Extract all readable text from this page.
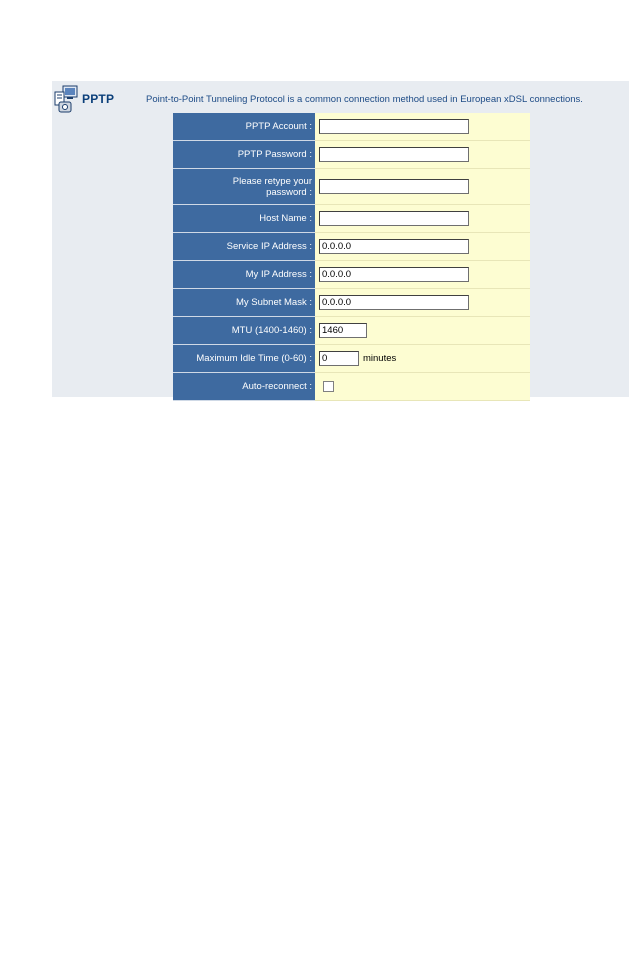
PPTP	Point-to-Point Tunneling Protocol is a common connection method used in European xDSL connections.
PPTP Account :
PPTP Password :
Please retype your
password :
Host Name :
Service IP Address :	0.0.0.0
My IP Address :	0.0.0.0
My Subnet Mask :	0.0.0.0
MTU (1400-1460) :	1460
Maximum Idle Time (0-60) :	0	minutes
Auto-reconnect :
